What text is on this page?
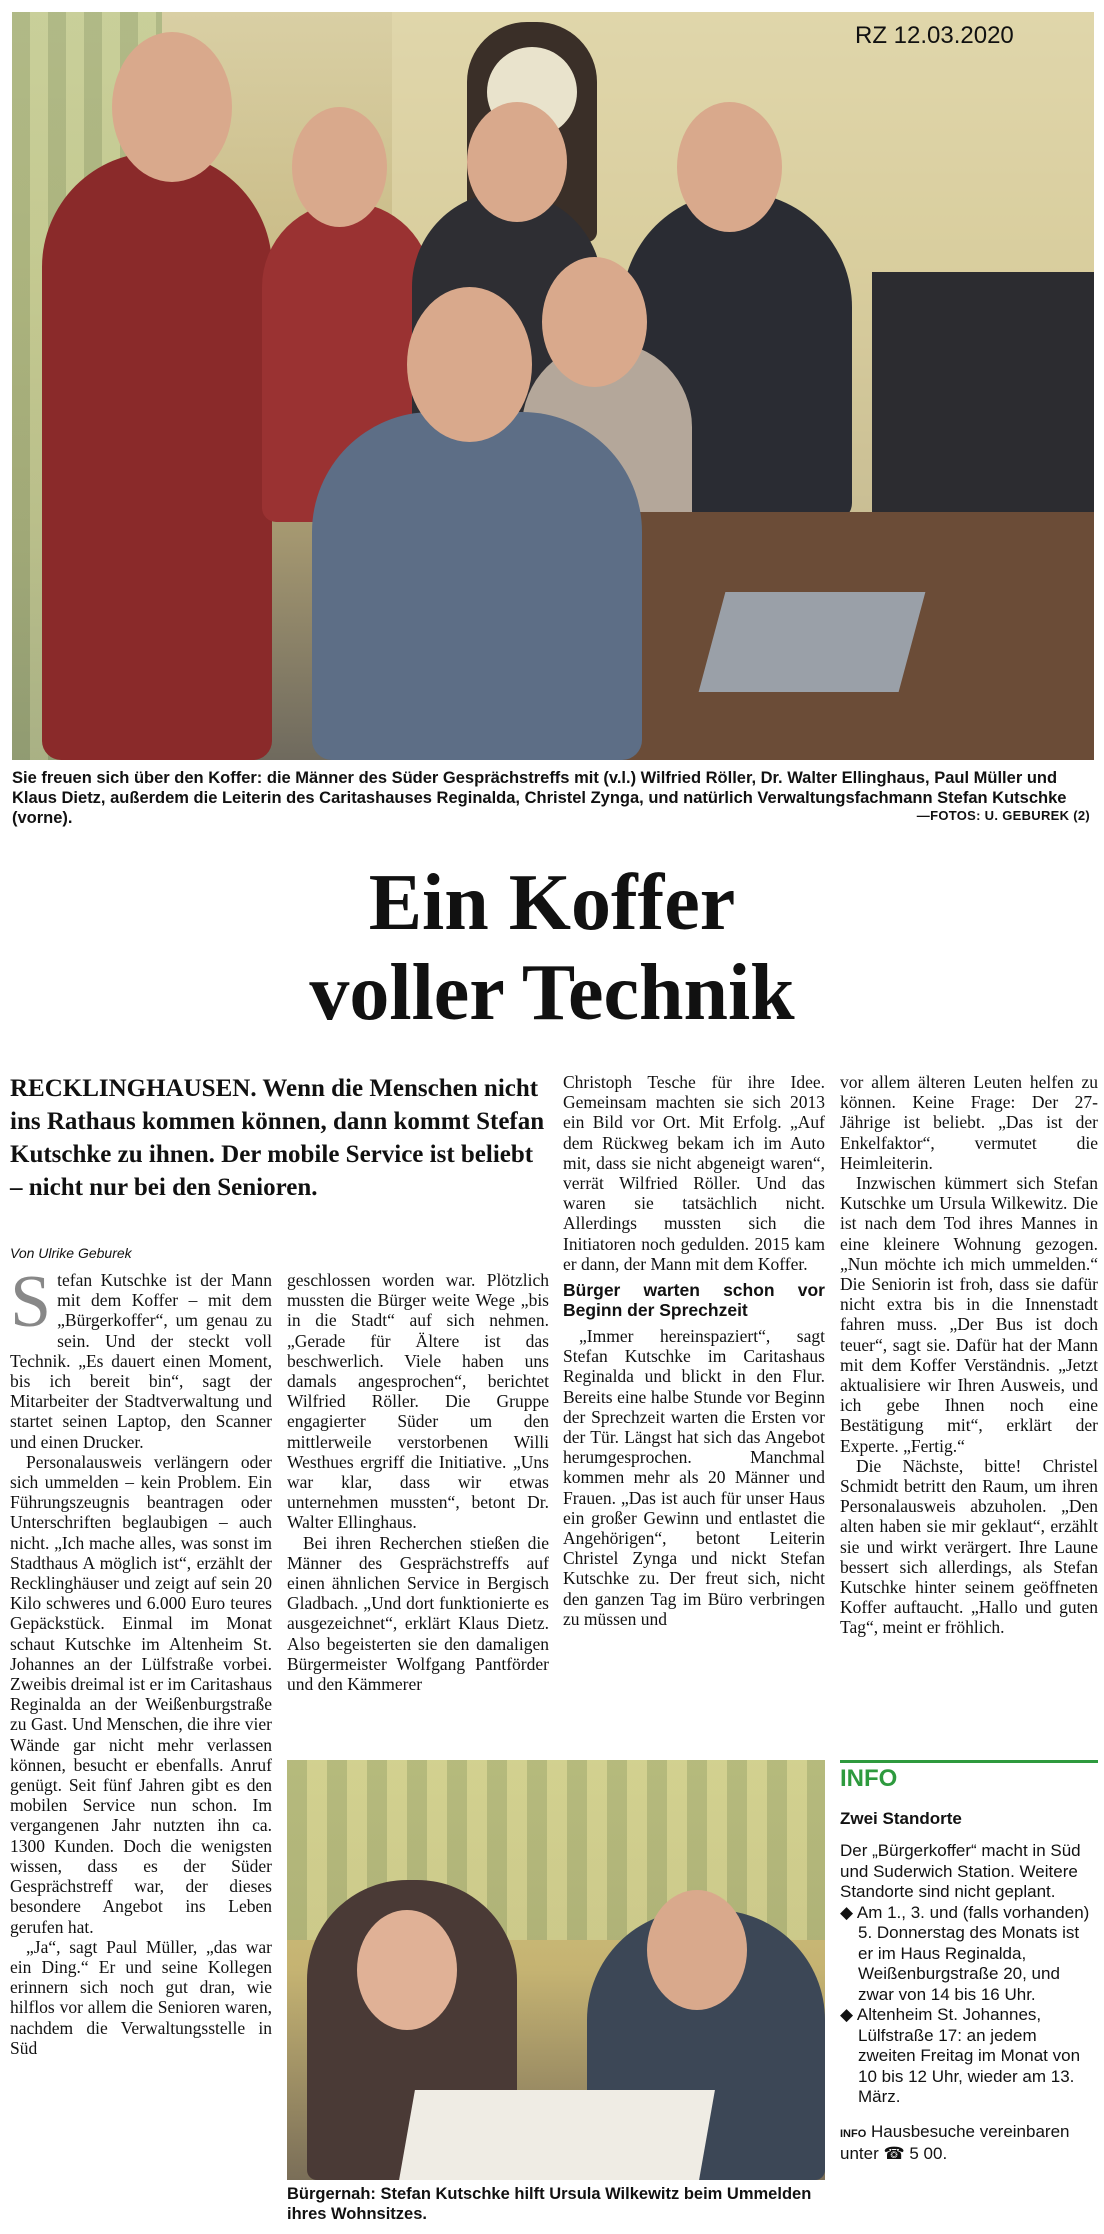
RZ 12.03.2020
Sie freuen sich über den Koffer: die Männer des Süder Gesprächstreffs mit (v.l.) Wilfried Röller, Dr. Walter Ellinghaus, Paul Müller und Klaus Dietz, außerdem die Leiterin des Caritashauses Reginalda, Christel Zynga, und natürlich Verwaltungsfachmann Stefan Kutschke (vorne).	—FOTOS: U. GEBUREK (2)
Ein Koffer
voller Technik
RECKLINGHAUSEN. Wenn die Menschen nicht ins Rathaus kommen können, dann kommt Stefan Kutschke zu ihnen. Der mobile Service ist beliebt – nicht nur bei den Senioren.
Von Ulrike Geburek

Stefan Kutschke ist der Mann mit dem Koffer – mit dem „Bürgerkoffer“, um genau zu sein. Und der steckt voll Technik. „Es dauert einen Moment, bis ich bereit bin“, sagt der Mitarbeiter der Stadtverwaltung und startet seinen Laptop, den Scanner und einen Drucker.

Personalausweis verlängern oder sich ummelden – kein Problem. Ein Führungszeugnis beantragen oder Unterschriften beglaubigen – auch nicht. „Ich mache alles, was sonst im Stadthaus A möglich ist“, erzählt der Recklinghäuser und zeigt auf sein 20 Kilo schweres und 6.000 Euro teures Gepäckstück. Einmal im Monat schaut Kutschke im Altenheim St. Johannes an der Lülfstraße vorbei. Zweibis dreimal ist er im Caritashaus Reginalda an der Weißenburgstraße zu Gast. Und Menschen, die ihre vier Wände gar nicht mehr verlassen können, besucht er ebenfalls. Anruf genügt. Seit fünf Jahren gibt es den mobilen Service nun schon. Im vergangenen Jahr nutzten ihn ca. 1300 Kunden. Doch die wenigsten wissen, dass es der Süder Gesprächstreff war, der dieses besondere Angebot ins Leben gerufen hat.

„Ja“, sagt Paul Müller, „das war ein Ding.“ Er und seine Kollegen erinnern sich noch gut dran, wie hilflos vor allem die Senioren waren, nachdem die Verwaltungsstelle in Süd

geschlossen worden war. Plötzlich mussten die Bürger weite Wege „bis in die Stadt“ auf sich nehmen. „Gerade für Ältere ist das beschwerlich. Viele haben uns damals angesprochen“, berichtet Wilfried Röller. Die Gruppe engagierter Süder um den mittlerweile verstorbenen Willi Westhues ergriff die Initiative. „Uns war klar, dass wir etwas unternehmen mussten“, betont Dr. Walter Ellinghaus.

Bei ihren Recherchen stießen die Männer des Gesprächstreffs auf einen ähnlichen Service in Bergisch Gladbach. „Und dort funktionierte es ausgezeichnet“, erklärt Klaus Dietz. Also begeisterten sie den damaligen Bürgermeister Wolfgang Pantförder und den Kämmerer

Christoph Tesche für ihre Idee. Gemeinsam machten sie sich 2013 ein Bild vor Ort. Mit Erfolg. „Auf dem Rückweg bekam ich im Auto mit, dass sie nicht abgeneigt waren“, verrät Wilfried Röller. Und das waren sie tatsächlich nicht. Allerdings mussten sich die Initiatoren noch gedulden. 2015 kam er dann, der Mann mit dem Koffer.

Bürger warten schon vor Beginn der Sprechzeit

„Immer hereinspaziert“, sagt Stefan Kutschke im Caritashaus Reginalda und blickt in den Flur. Bereits eine halbe Stunde vor Beginn der Sprechzeit warten die Ersten vor der Tür. Längst hat sich das Angebot herumgesprochen. Manchmal kommen mehr als 20 Männer und Frauen. „Das ist auch für unser Haus ein großer Gewinn und entlastet die Angehörigen“, betont Leiterin Christel Zynga und nickt Stefan Kutschke zu. Der freut sich, nicht den ganzen Tag im Büro verbringen zu müssen und

vor allem älteren Leuten helfen zu können. Keine Frage: Der 27-Jährige ist beliebt. „Das ist der Enkelfaktor“, vermutet die Heimleiterin.

Inzwischen kümmert sich Stefan Kutschke um Ursula Wilkewitz. Die ist nach dem Tod ihres Mannes in eine kleinere Wohnung gezogen. „Nun möchte ich mich ummelden.“ Die Seniorin ist froh, dass sie dafür nicht extra bis in die Innenstadt fahren muss. „Der Bus ist doch teuer“, sagt sie. Dafür hat der Mann mit dem Koffer Verständnis. „Jetzt aktualisiere wir Ihren Ausweis, und ich gebe Ihnen noch eine Bestätigung mit“, erklärt der Experte. „Fertig.“

Die Nächste, bitte! Christel Schmidt betritt den Raum, um ihren Personalausweis abzuholen. „Den alten haben sie mir geklaut“, erzählt sie und wirkt verärgert. Ihre Laune bessert sich allerdings, als Stefan Kutschke hinter seinem geöffneten Koffer auftaucht. „Hallo und guten Tag“, meint er fröhlich.

Bürgernah: Stefan Kutschke hilft Ursula Wilkewitz beim Ummelden ihres Wohnsitzes.
INFO
Zwei Standorte

Der „Bürgerkoffer“ macht in Süd und Suderwich Station. Weitere Standorte sind nicht geplant.

◆ Am 1., 3. und (falls vorhanden) 5. Donnerstag des Monats ist er im Haus Reginalda, Weißenburgstraße 20, und zwar von 14 bis 16 Uhr.

◆ Altenheim St. Johannes, Lülfstraße 17: an jedem zweiten Freitag im Monat von 10 bis 12 Uhr, wieder am 13. März.

INFO Hausbesuche vereinbaren unter ☎ 5 00.
